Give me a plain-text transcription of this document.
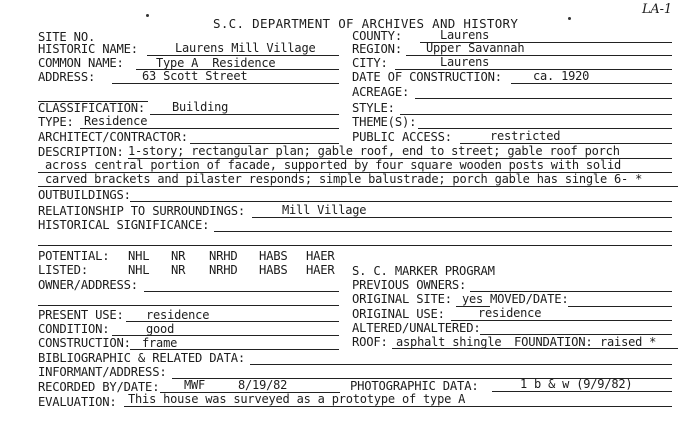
LA-1
S.C. DEPARTMENT OF ARCHIVES AND HISTORY
SITE NO.	COUNTY:	Laurens
HISTORIC NAME:	Laurens Mill Village	REGION: Upper Savannah
COMMON NAME:	Type A  Residence	CITY:	Laurens
ADDRESS:	63 Scott Street	DATE OF CONSTRUCTION:	ca. 1920
ACREAGE:
CLASSIFICATION: Building	STYLE:
TYPE: Residence	THEME(S):
ARCHITECT/CONTRACTOR:	PUBLIC ACCESS:	restricted
DESCRIPTION: 1-story; rectangular plan; gable roof, end to street; gable roof porch
across central portion of facade, supported by four square wooden posts with solid
carved brackets and pilaster responds; simple balustrade; porch gable has single 6- *
OUTBUILDINGS:
RELATIONSHIP TO SURROUNDINGS:	Mill Village
HISTORICAL SIGNIFICANCE:
POTENTIAL: NHL NR NRHD HABS HAER
LISTED:	NHL NR NRHD HABS HAER S. C. MARKER PROGRAM
OWNER/ADDRESS:	PREVIOUS OWNERS:
ORIGINAL SITE: yes MOVED/DATE:
PRESENT USE: residence	ORIGINAL USE:	residence
CONDITION:	good	ALTERED/UNALTERED:
CONSTRUCTION: frame	ROOF: asphalt shingle FOUNDATION: raised *
BIBLIOGRAPHIC & RELATED DATA:
INFORMANT/ADDRESS:
RECORDED BY/DATE: MWF	8/19/82	PHOTOGRAPHIC DATA:	1 b & w (9/9/82)
EVALUATION: This house was surveyed as a prototype of type A
